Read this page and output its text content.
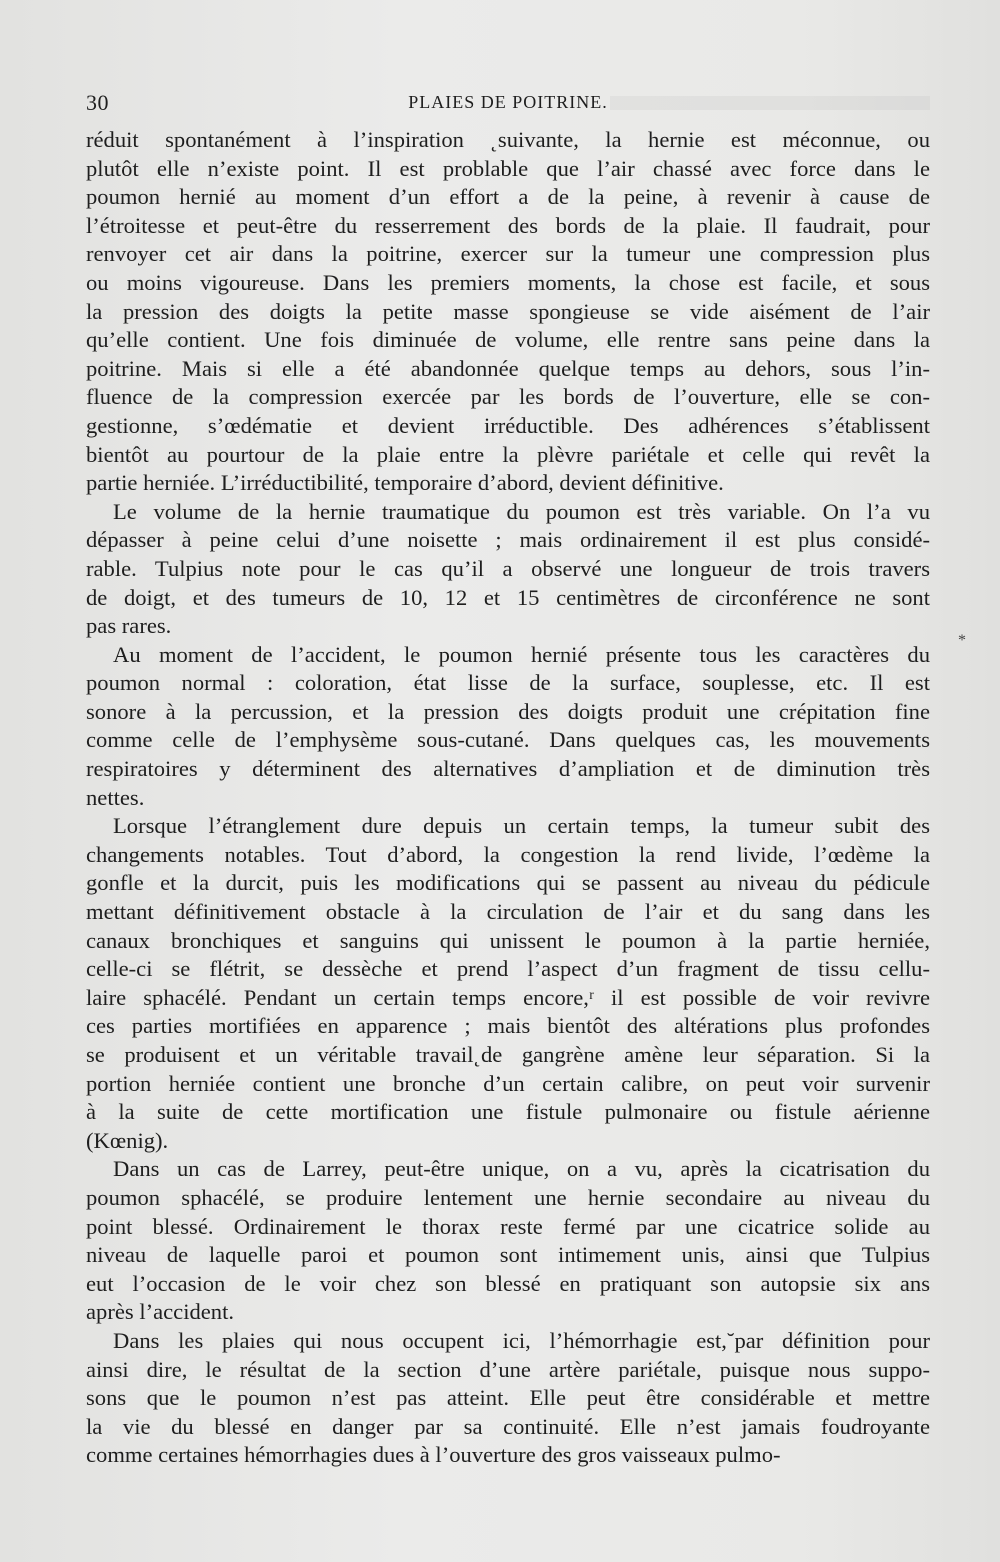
30	PLAIES DE POITRINE.
*
réduit spontanément à l’inspiration ˛suivante, la hernie est méconnue, ou
plutôt elle n’existe point. Il est problable que l’air chassé avec force dans le
poumon hernié au moment d’un effort a de la peine, à revenir à cause de
l’étroitesse et peut-être du resserrement des bords de la plaie. Il faudrait, pour
renvoyer cet air dans la poitrine, exercer sur la tumeur une compression plus
ou moins vigoureuse. Dans les premiers moments, la chose est facile, et sous
la pression des doigts la petite masse spongieuse se vide aisément de l’air
qu’elle contient. Une fois diminuée de volume, elle rentre sans peine dans la
poitrine. Mais si elle a été abandonnée quelque temps au dehors, sous l’in-
fluence de la compression exercée par les bords de l’ouverture, elle se con-
gestionne, s’œdématie et devient irréductible. Des adhérences s’établissent
bientôt au pourtour de la plaie entre la plèvre pariétale et celle qui revêt la
partie herniée. L’irréductibilité, temporaire d’abord, devient définitive.
Le volume de la hernie traumatique du poumon est très variable. On l’a vu
dépasser à peine celui d’une noisette ; mais ordinairement il est plus considé-
rable. Tulpius note pour le cas qu’il a observé une longueur de trois travers
de doigt, et des tumeurs de 10, 12 et 15 centimètres de circonférence ne sont
pas rares.
Au moment de l’accident, le poumon hernié présente tous les caractères du
poumon normal : coloration, état lisse de la surface, souplesse, etc. Il est
sonore à la percussion, et la pression des doigts produit une crépitation fine
comme celle de l’emphysème sous-cutané. Dans quelques cas, les mouvements
respiratoires y déterminent des alternatives d’ampliation et de diminution très
nettes.
Lorsque l’étranglement dure depuis un certain temps, la tumeur subit des
changements notables. Tout d’abord, la congestion la rend livide, l’œdème la
gonfle et la durcit, puis les modifications qui se passent au niveau du pédicule
mettant définitivement obstacle à la circulation de l’air et du sang dans les
canaux bronchiques et sanguins qui unissent le poumon à la partie herniée,
celle-ci se flétrit, se dessèche et prend l’aspect d’un fragment de tissu cellu-
laire sphacélé. Pendant un certain temps encore,ʳ il est possible de voir revivre
ces parties mortifiées en apparence ; mais bientôt des altérations plus profondes
se produisent et un véritable travail˛de gangrène amène leur séparation. Si la
portion herniée contient une bronche d’un certain calibre, on peut voir survenir
à la suite de cette mortification une fistule pulmonaire ou fistule aérienne
(Kœnig).
Dans un cas de Larrey, peut-être unique, on a vu, après la cicatrisation du
poumon sphacélé, se produire lentement une hernie secondaire au niveau du
point blessé. Ordinairement le thorax reste fermé par une cicatrice solide au
niveau de laquelle paroi et poumon sont intimement unis, ainsi que Tulpius
eut l’occasion de le voir chez son blessé en pratiquant son autopsie six ans
après l’accident.
Dans les plaies qui nous occupent ici, l’hémorrhagie est,˘par définition pour
ainsi dire, le résultat de la section d’une artère pariétale, puisque nous suppo-
sons que le poumon n’est pas atteint. Elle peut être considérable et mettre
la vie du blessé en danger par sa continuité. Elle n’est jamais foudroyante
comme certaines hémorrhagies dues à l’ouverture des gros vaisseaux pulmo-
